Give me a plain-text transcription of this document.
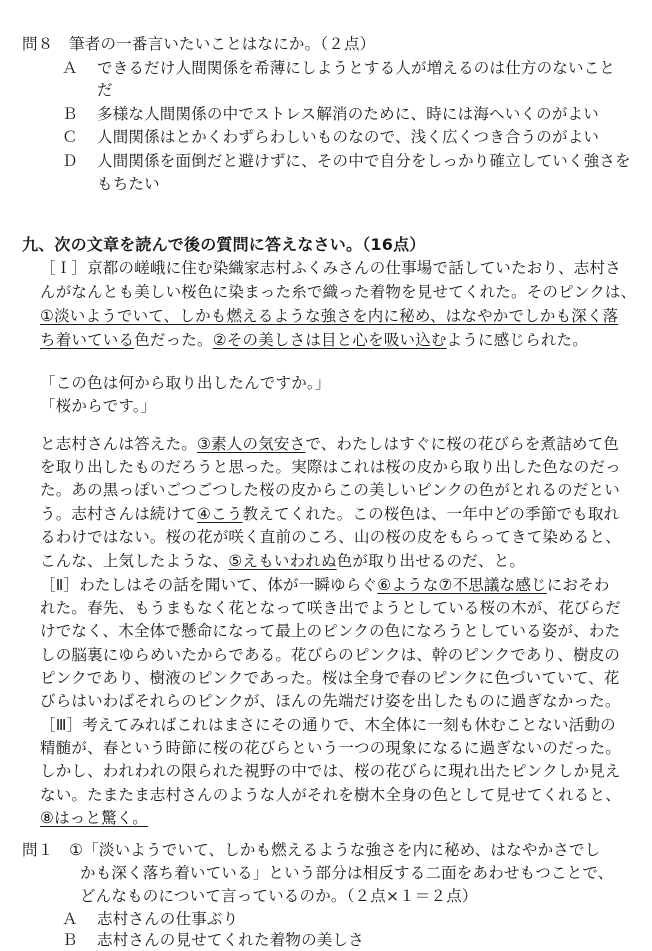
問８　筆者の一番言いたいことはなにか。（２点）
Ａ できるだけ人間関係を希薄にしようとする人が増えるのは仕方のないこと
だ
Ｂ 多様な人間関係の中でストレス解消のために、時には海へいくのがよい
Ｃ 人間関係はとかくわずらわしいものなので、浅く広くつき合うのがよい
Ｄ 人間関係を面倒だと避けずに、その中で自分をしっかり確立していく強さを
もちたい
九、次の文章を読んで後の質問に答えなさい。（16点）
［Ｉ］京都の嵯峨に住む染織家志村ふくみさんの仕事場で話していたおり、志村さ
んがなんとも美しい桜色に染まった糸で織った着物を見せてくれた。そのピンクは、
①淡いようでいて、しかも燃えるような強さを内に秘め、はなやかでしかも深く落
ち着いている色だった。②その美しさは目と心を吸い込むように感じられた。
「この色は何から取り出したんですか。」
「桜からです。」
と志村さんは答えた。③素人の気安さで、わたしはすぐに桜の花びらを煮詰めて色
を取り出したものだろうと思った。実際はこれは桜の皮から取り出した色なのだっ
た。あの黒っぽいごつごつした桜の皮からこの美しいピンクの色がとれるのだとい
う。志村さんは続けて④こう教えてくれた。この桜色は、一年中どの季節でも取れ
るわけではない。桜の花が咲く直前のころ、山の桜の皮をもらってきて染めると、
こんな、上気したような、⑤えもいわれぬ色が取り出せるのだ、と。
［Ⅱ］わたしはその話を聞いて、体が一瞬ゆらぐ⑥ような⑦不思議な感じにおそわ
れた。春先、もうまもなく花となって咲き出でようとしている桜の木が、花びらだ
けでなく、木全体で懸命になって最上のピンクの色になろうとしている姿が、わた
しの脳裏にゆらめいたからである。花びらのピンクは、幹のピンクであり、樹皮の
ピンクであり、樹液のピンクであった。桜は全身で春のピンクに色づいていて、花
びらはいわばそれらのピンクが、ほんの先端だけ姿を出したものに過ぎなかった。
［Ⅲ］考えてみればこれはまさにその通りで、木全体に一刻も休むことない活動の
精髄が、春という時節に桜の花びらという一つの現象になるに過ぎないのだった。
しかし、われわれの限られた視野の中では、桜の花びらに現れ出たピンクしか見え
ない。たまたま志村さんのような人がそれを樹木全身の色として見せてくれると、
⑧はっと驚く。
問１　①「淡いようでいて、しかも燃えるような強さを内に秘め、はなやかさでし
かも深く落ち着いている」という部分は相反する二面をあわせもつことで、
どんなものについて言っているのか。（２点×１＝２点）
Ａ 志村さんの仕事ぶり
Ｂ 志村さんの見せてくれた着物の美しさ
